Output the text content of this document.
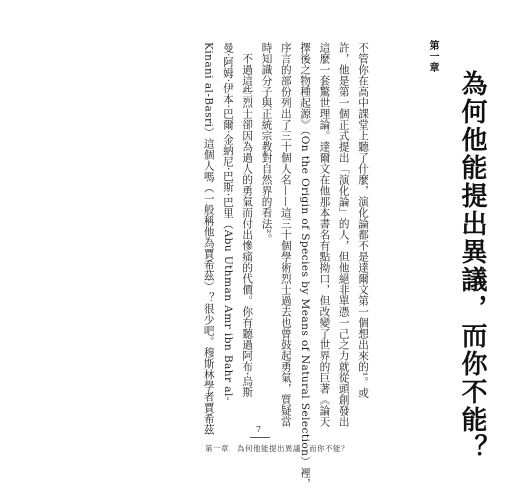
第一章
為何他能提出異議，而你不能？

不管你在高中課堂上聽了什麼，演化論都不是達爾文第一個想出來的¹。或

許，他是第一個正式提出「演化論」的人，但他絕非單憑一己之力就從頭創發出

這麼一套驚世理論。達爾文在他那本書名有點拗口，但改變了世界的巨著《論天

擇後之物種起源》（On the Origin of Species by Means of Natural Selection）裡，

序言的部份列出了三十個人名——這三十個學術烈士過去也曾鼓起勇氣，質疑當

時知識分子與正統宗教對自然界的看法²。

　不過這些烈士卻因為過人的勇氣而付出慘痛的代價。你有聽過阿布·烏斯

曼·阿姆·伊本·巴爾·金納尼·巴斯·巴里（Abu Uthman Amr ibn Bahr al-

Kinani al-Basri）這個人嗎（一般稱他為賈希茲）？很少吧。穆斯林學者賈希茲	7
第一章　為何他能提出異議，而你不能？
